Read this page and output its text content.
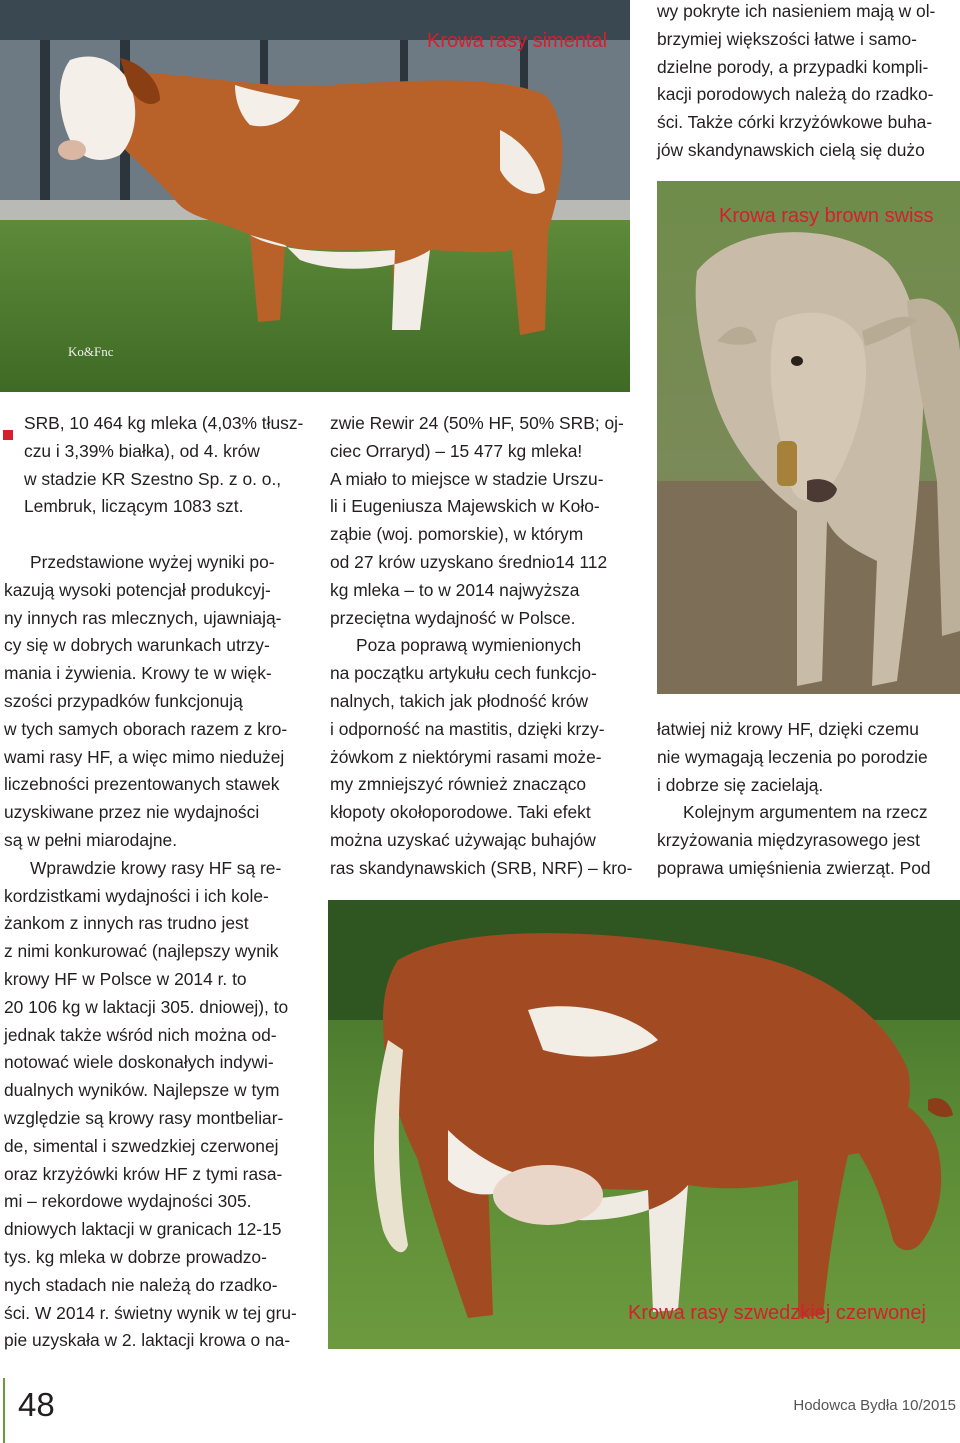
Ko&Fnc
Krowa rasy simental
Krowa rasy brown swiss
Krowa rasy szwedzkiej czerwonej
wy pokryte ich nasieniem mają w ol-
brzymiej większości łatwe i samo-
dzielne porody, a przypadki kompli-
kacji porodowych należą do rzadko-
ści. Także córki krzyżówkowe buha-
jów skandynawskich cielą się dużo
SRB, 10 464 kg mleka (4,03% tłusz-
czu i 3,39% białka), od 4. krów
w stadzie KR Szestno Sp. z o. o.,
Lembruk, liczącym 1083 szt.
Przedstawione wyżej wyniki po-
kazują wysoki potencjał produkcyj-
ny innych ras mlecznych, ujawniają-
cy się w dobrych warunkach utrzy-
mania i żywienia. Krowy te w więk-
szości przypadków funkcjonują
w tych samych oborach razem z kro-
wami rasy HF, a więc mimo niedużej
liczebności prezentowanych stawek
uzyskiwane przez nie wydajności
są w pełni miarodajne.
Wprawdzie krowy rasy HF są re-
kordzistkami wydajności i ich kole-
żankom z innych ras trudno jest
z nimi konkurować (najlepszy wynik
krowy HF w Polsce w 2014 r. to
20 106 kg w laktacji 305. dniowej), to
jednak także wśród nich można od-
notować wiele doskonałych indywi-
dualnych wyników. Najlepsze w tym
względzie są krowy rasy montbeliar-
de, simental i szwedzkiej czerwonej
oraz krzyżówki krów HF z tymi rasa-
mi – rekordowe wydajności 305.
dniowych laktacji w granicach 12-15
tys. kg mleka w dobrze prowadzo-
nych stadach nie należą do rzadko-
ści. W 2014 r. świetny wynik w tej gru-
pie uzyskała w 2. laktacji krowa o na-
zwie Rewir 24 (50% HF, 50% SRB; oj-
ciec Orraryd) – 15 477 kg mleka!
A miało to miejsce w stadzie Urszu-
li i Eugeniusza Majewskich w Koło-
ząbie (woj. pomorskie), w którym
od 27 krów uzyskano średnio14 112
kg mleka – to w 2014 najwyższa
przeciętna wydajność w Polsce.
Poza poprawą wymienionych
na początku artykułu cech funkcjo-
nalnych, takich jak płodność krów
i odporność na mastitis, dzięki krzy-
żówkom z niektórymi rasami może-
my zmniejszyć również znacząco
kłopoty okołoporodowe. Taki efekt
można uzyskać używając buhajów
ras skandynawskich (SRB, NRF) – kro-
łatwiej niż krowy HF, dzięki czemu
nie wymagają leczenia po porodzie
i dobrze się zacielają.
Kolejnym argumentem na rzecz
krzyżowania międzyrasowego jest
poprawa umięśnienia zwierząt. Pod
48	Hodowca Bydła 10/2015
